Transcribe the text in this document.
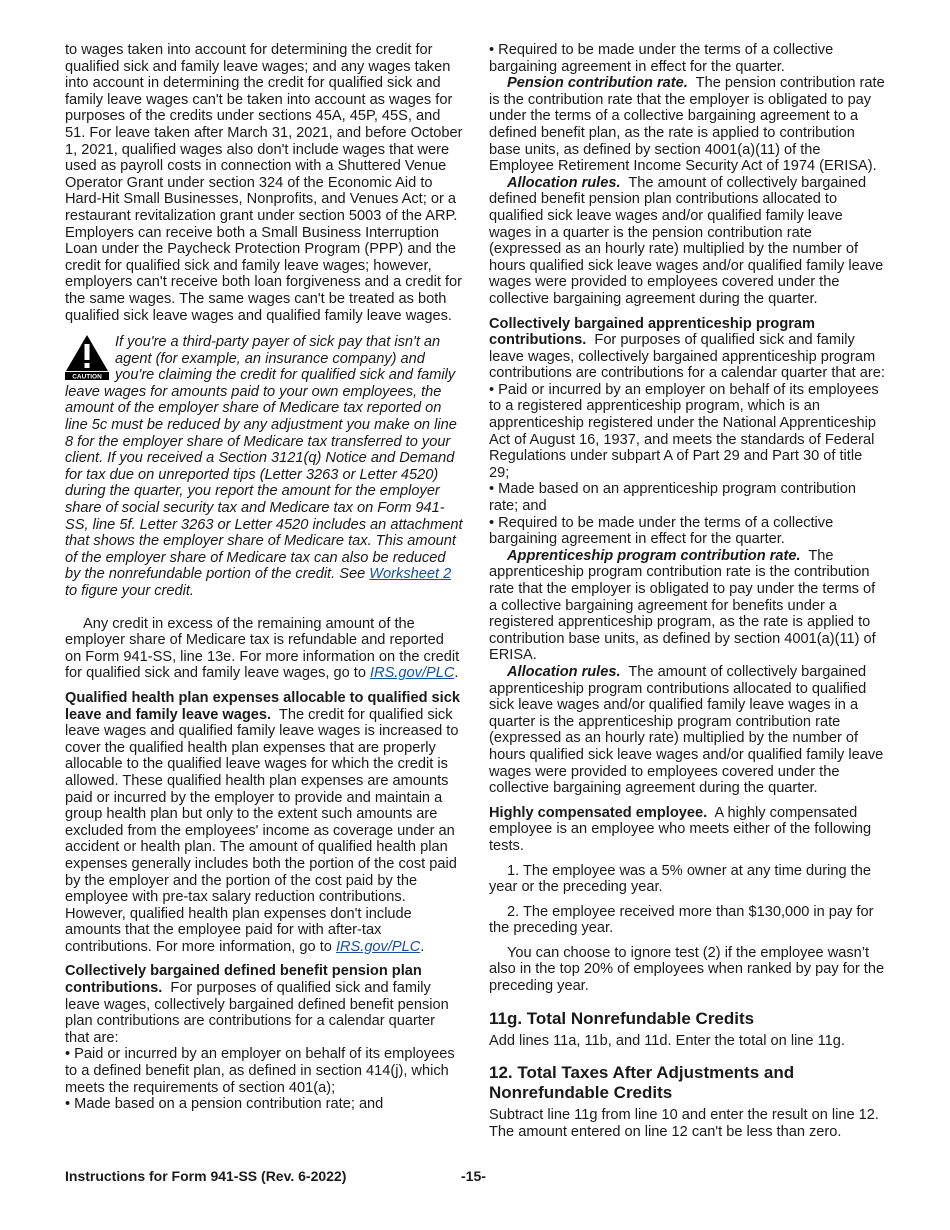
to wages taken into account for determining the credit for qualified sick and family leave wages; and any wages taken into account in determining the credit for qualified sick and family leave wages can't be taken into account as wages for purposes of the credits under sections 45A, 45P, 45S, and 51. For leave taken after March 31, 2021, and before October 1, 2021, qualified wages also don't include wages that were used as payroll costs in connection with a Shuttered Venue Operator Grant under section 324 of the Economic Aid to Hard-Hit Small Businesses, Nonprofits, and Venues Act; or a restaurant revitalization grant under section 5003 of the ARP. Employers can receive both a Small Business Interruption Loan under the Paycheck Protection Program (PPP) and the credit for qualified sick and family leave wages; however, employers can't receive both loan forgiveness and a credit for the same wages. The same wages can't be treated as both qualified sick leave wages and qualified family leave wages.

CAUTION

If you're a third-party payer of sick pay that isn't an agent (for example, an insurance company) and you're claiming the credit for qualified sick and family leave wages for amounts paid to your own employees, the amount of the employer share of Medicare tax reported on line 5c must be reduced by any adjustment you make on line 8 for the employer share of Medicare tax transferred to your client. If you received a Section 3121(q) Notice and Demand for tax due on unreported tips (Letter 3263 or Letter 4520) during the quarter, you report the amount for the employer share of social security tax and Medicare tax on Form 941-SS, line 5f. Letter 3263 or Letter 4520 includes an attachment that shows the employer share of Medicare tax. This amount of the employer share of Medicare tax can also be reduced by the nonrefundable portion of the credit. See Worksheet 2 to figure your credit.

Any credit in excess of the remaining amount of the employer share of Medicare tax is refundable and reported on Form 941-SS, line 13e. For more information on the credit for qualified sick and family leave wages, go to IRS.gov/PLC.

Qualified health plan expenses allocable to qualified sick leave and family leave wages. The credit for qualified sick leave wages and qualified family leave wages is increased to cover the qualified health plan expenses that are properly allocable to the qualified leave wages for which the credit is allowed. These qualified health plan expenses are amounts paid or incurred by the employer to provide and maintain a group health plan but only to the extent such amounts are excluded from the employees' income as coverage under an accident or health plan. The amount of qualified health plan expenses generally includes both the portion of the cost paid by the employer and the portion of the cost paid by the employee with pre-tax salary reduction contributions. However, qualified health plan expenses don't include amounts that the employee paid for with after-tax contributions. For more information, go to IRS.gov/PLC.

Collectively bargained defined benefit pension plan contributions. For purposes of qualified sick and family leave wages, collectively bargained defined benefit pension plan contributions are contributions for a calendar quarter that are:

• Paid or incurred by an employer on behalf of its employees to a defined benefit plan, as defined in section 414(j), which meets the requirements of section 401(a);

• Made based on a pension contribution rate; and

• Required to be made under the terms of a collective bargaining agreement in effect for the quarter.

Pension contribution rate. The pension contribution rate is the contribution rate that the employer is obligated to pay under the terms of a collective bargaining agreement to a defined benefit plan, as the rate is applied to contribution base units, as defined by section 4001(a)(11) of the Employee Retirement Income Security Act of 1974 (ERISA).

Allocation rules. The amount of collectively bargained defined benefit pension plan contributions allocated to qualified sick leave wages and/or qualified family leave wages in a quarter is the pension contribution rate (expressed as an hourly rate) multiplied by the number of hours qualified sick leave wages and/or qualified family leave wages were provided to employees covered under the collective bargaining agreement during the quarter.

Collectively bargained apprenticeship program contributions. For purposes of qualified sick and family leave wages, collectively bargained apprenticeship program contributions are contributions for a calendar quarter that are:

• Paid or incurred by an employer on behalf of its employees to a registered apprenticeship program, which is an apprenticeship registered under the National Apprenticeship Act of August 16, 1937, and meets the standards of Federal Regulations under subpart A of Part 29 and Part 30 of title 29;

• Made based on an apprenticeship program contribution rate; and

• Required to be made under the terms of a collective bargaining agreement in effect for the quarter.

Apprenticeship program contribution rate. The apprenticeship program contribution rate is the contribution rate that the employer is obligated to pay under the terms of a collective bargaining agreement for benefits under a registered apprenticeship program, as the rate is applied to contribution base units, as defined by section 4001(a)(11) of ERISA.

Allocation rules. The amount of collectively bargained apprenticeship program contributions allocated to qualified sick leave wages and/or qualified family leave wages in a quarter is the apprenticeship program contribution rate (expressed as an hourly rate) multiplied by the number of hours qualified sick leave wages and/or qualified family leave wages were provided to employees covered under the collective bargaining agreement during the quarter.

Highly compensated employee. A highly compensated employee is an employee who meets either of the following tests.

1. The employee was a 5% owner at any time during the year or the preceding year.

2. The employee received more than $130,000 in pay for the preceding year.

You can choose to ignore test (2) if the employee wasn’t also in the top 20% of employees when ranked by pay for the preceding year.

11g. Total Nonrefundable Credits

Add lines 11a, 11b, and 11d. Enter the total on line 11g.

12. Total Taxes After Adjustments and Nonrefundable Credits

Subtract line 11g from line 10 and enter the result on line 12. The amount entered on line 12 can't be less than zero.

Instructions for Form 941-SS (Rev. 6-2022)	-15-
